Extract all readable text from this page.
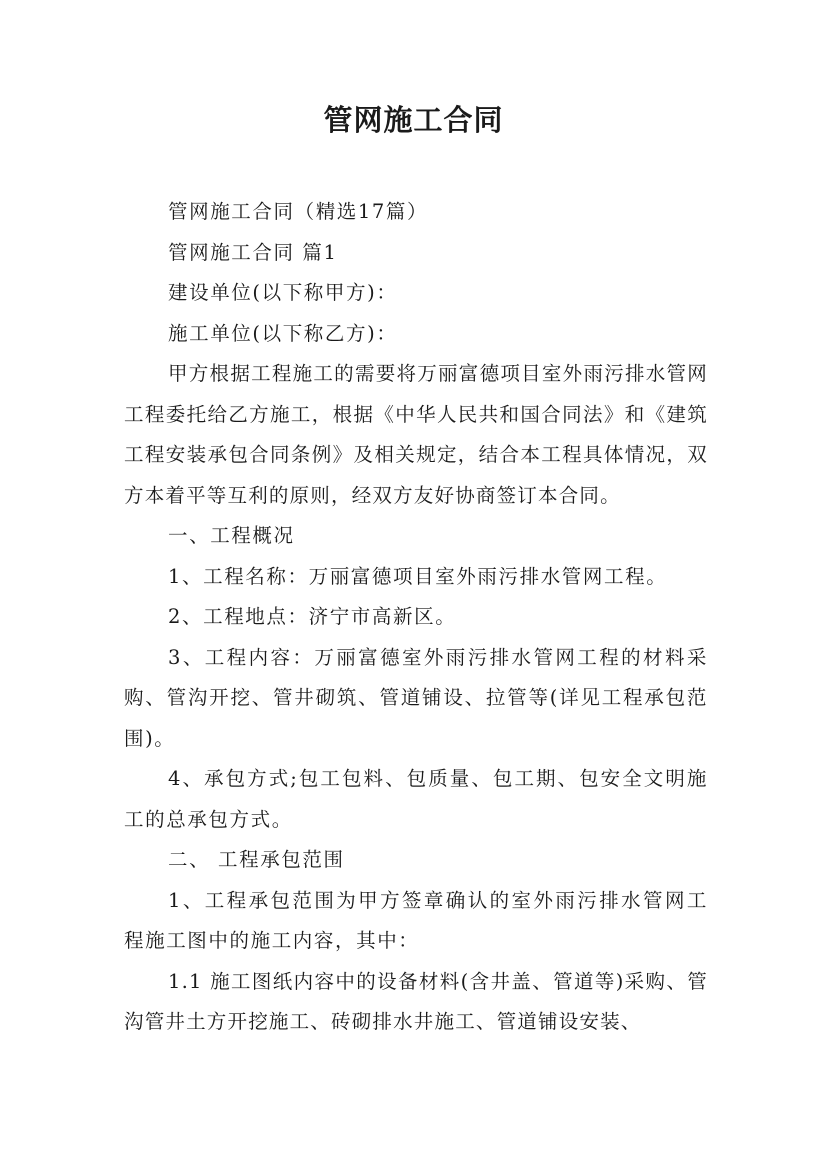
管网施工合同

管网施工合同（精选17篇）

管网施工合同 篇1

建设单位(以下称甲方)：

施工单位(以下称乙方)：

甲方根据工程施工的需要将万丽富德项目室外雨污排水管网工程委托给乙方施工，根据《中华人民共和国合同法》和《建筑工程安装承包合同条例》及相关规定，结合本工程具体情况，双方本着平等互利的原则，经双方友好协商签订本合同。

一、工程概况

1、工程名称：万丽富德项目室外雨污排水管网工程。

2、工程地点：济宁市高新区。

3、工程内容：万丽富德室外雨污排水管网工程的材料采购、管沟开挖、管井砌筑、管道铺设、拉管等(详见工程承包范围)。

4、承包方式;包工包料、包质量、包工期、包安全文明施工的总承包方式。

二、 工程承包范围

1、工程承包范围为甲方签章确认的室外雨污排水管网工程施工图中的施工内容，其中：

1.1 施工图纸内容中的设备材料(含井盖、管道等)采购、管沟管井土方开挖施工、砖砌排水井施工、管道铺设安装、
